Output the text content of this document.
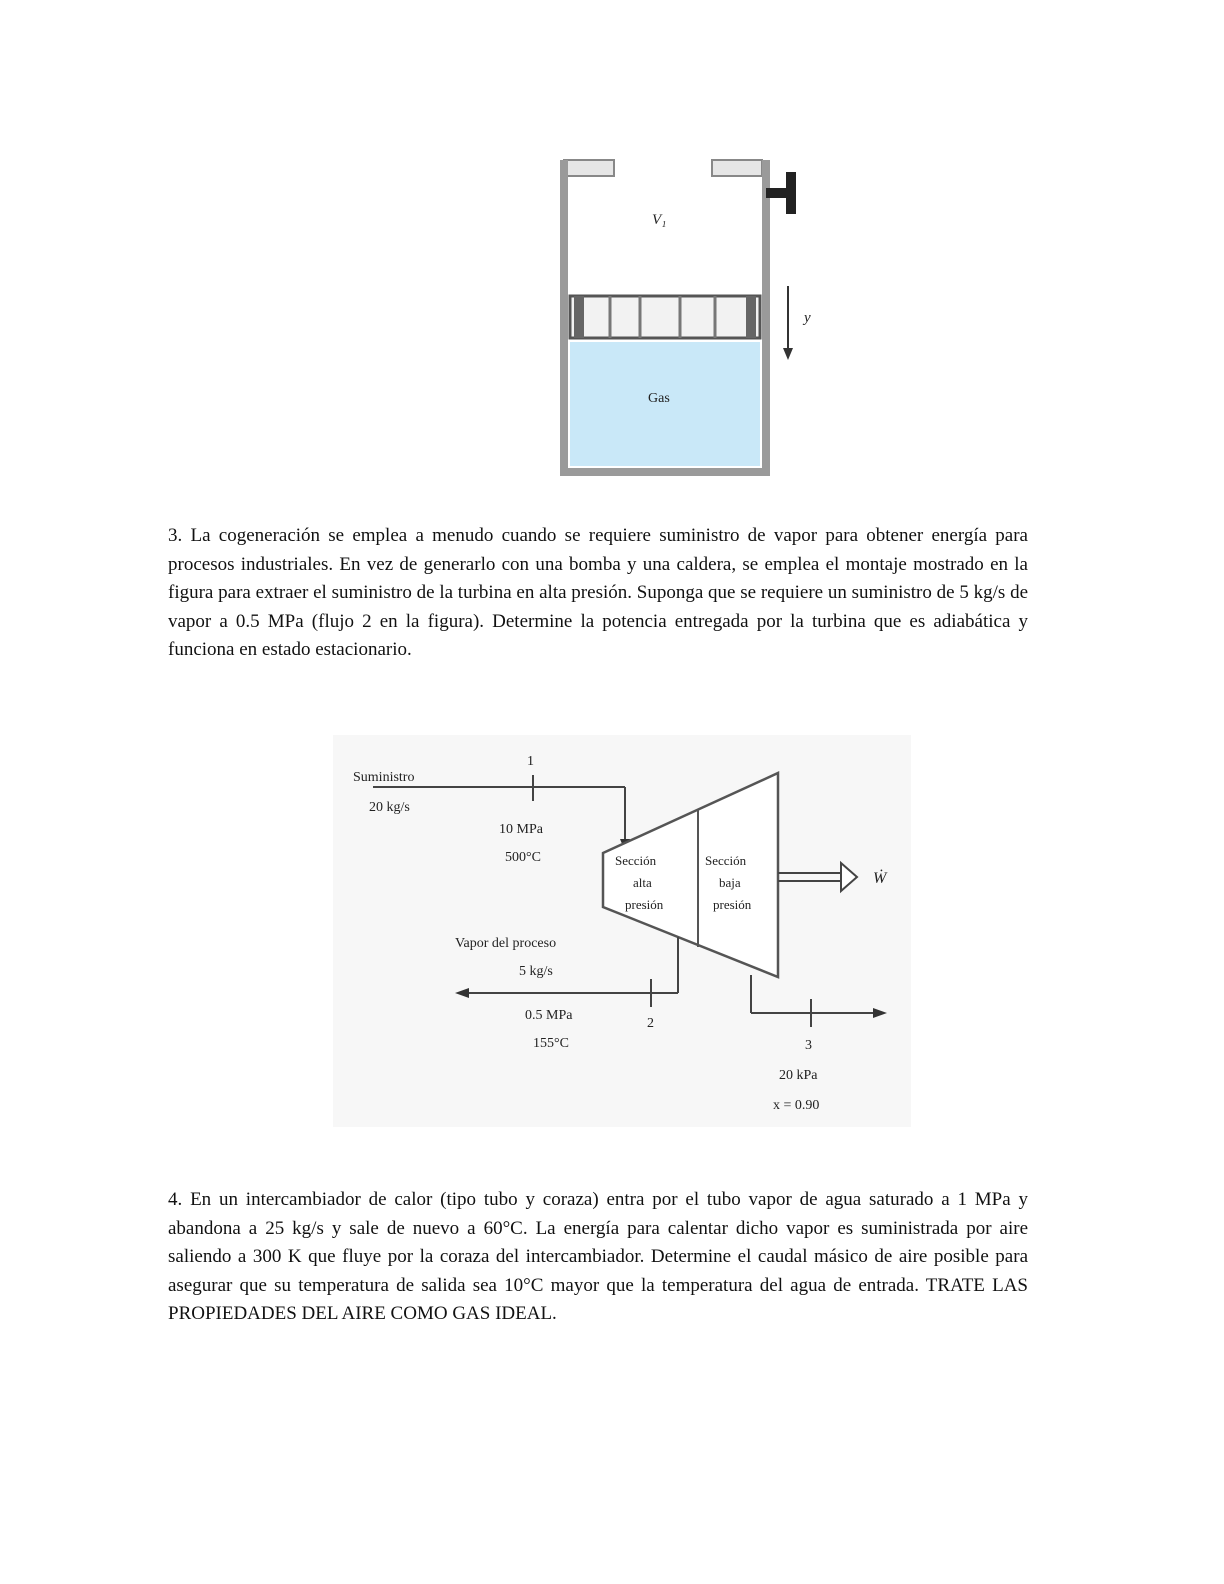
y
V₁
Gas

3. La cogeneración se emplea a menudo cuando se requiere suministro de vapor para obtener energía para procesos industriales. En vez de generarlo con una bomba y una caldera, se emplea el montaje mostrado en la figura para extraer el suministro de la turbina en alta presión. Suponga que se requiere un suministro de 5 kg/s de vapor a 0.5 MPa (flujo 2 en la figura). Determine la potencia entregada por la turbina que es adiabática y funciona en estado estacionario.

1
Suministro
20 kg/s
10 MPa
500°C	Sección
alta
presión
Sección
baja
presión
Ẇ
2
Vapor del proceso
5 kg/s
0.5 MPa
155°C	3
20 kPa
x = 0.90

4. En un intercambiador de calor (tipo tubo y coraza) entra por el tubo vapor de agua saturado a 1 MPa y abandona a 25 kg/s y sale de nuevo a 60°C. La energía para calentar dicho vapor es suministrada por aire saliendo a 300 K que fluye por la coraza del intercambiador. Determine el caudal másico de aire posible para asegurar que su temperatura de salida sea 10°C mayor que la temperatura del agua de entrada. TRATE LAS PROPIEDADES DEL AIRE COMO GAS IDEAL.
